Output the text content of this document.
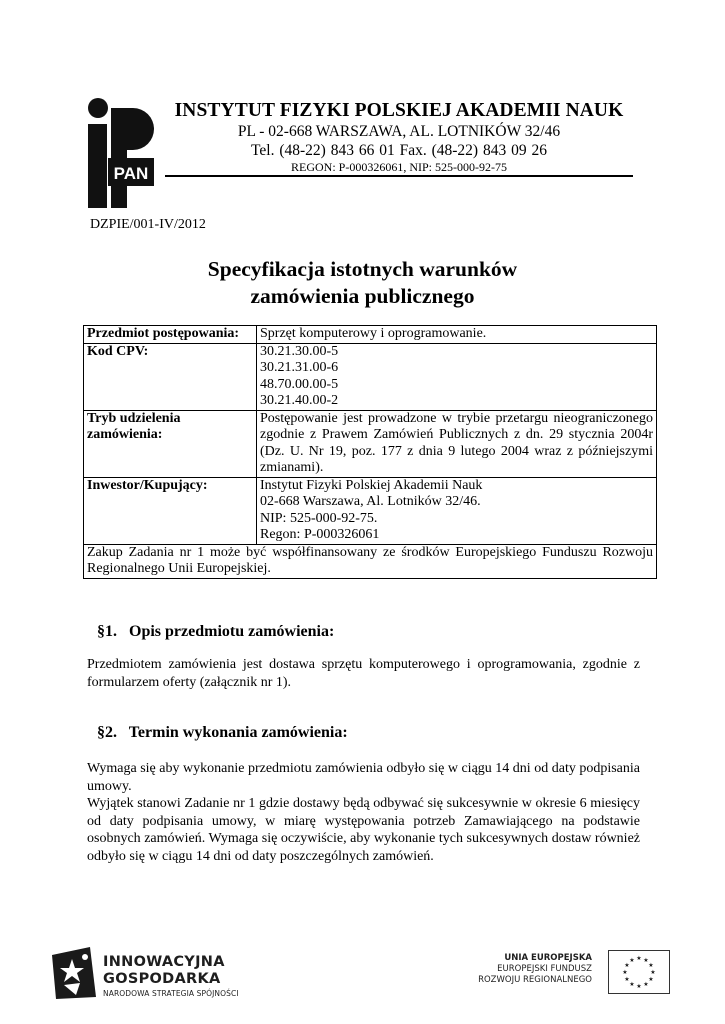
PAN
INSTYTUT FIZYKI POLSKIEJ AKADEMII NAUK
PL - 02-668 WARSZAWA, AL. LOTNIKÓW 32/46
Tel. (48-22) 843 66 01 Fax. (48-22) 843 09 26
REGON: P-000326061, NIP: 525-000-92-75
DZPIE/001-IV/2012
Specyfikacja istotnych warunków
zamówienia publicznego
Przedmiot postępowania:	Sprzęt komputerowy i oprogramowanie.

Kod CPV:	30.21.30.00-5
30.21.31.00-6
48.70.00.00-5
30.21.40.00-2

Tryb udzielenia zamówienia:	Postępowanie jest prowadzone w trybie przetargu nieograniczonego zgodnie z Prawem Zamówień Publicznych z dn. 29 stycznia 2004r (Dz. U. Nr 19, poz. 177 z dnia 9 lutego 2004 wraz z późniejszymi zmianami).

Inwestor/Kupujący:	Instytut Fizyki Polskiej Akademii Nauk
02-668 Warszawa, Al. Lotników 32/46.
NIP: 525-000-92-75.
Regon: P-000326061

Zakup Zadania nr 1 może być współfinansowany ze środków Europejskiego Funduszu Rozwoju Regionalnego Unii Europejskiej.	
§1. Opis przedmiotu zamówienia:

Przedmiotem zamówienia jest dostawa sprzętu komputerowego i oprogramowania, zgodnie z formularzem oferty (załącznik nr 1).

§2. Termin wykonania zamówienia:

Wymaga się aby wykonanie przedmiotu zamówienia odbyło się w ciągu 14 dni od daty podpisania umowy.

Wyjątek stanowi Zadanie nr 1 gdzie dostawy będą odbywać się sukcesywnie w okresie 6 miesięcy od daty podpisania umowy, w miarę występowania potrzeb Zamawiającego na podstawie osobnych zamówień. Wymaga się oczywiście, aby wykonanie tych sukcesywnych dostaw również odbyło się w ciągu 14 dni od daty poszczególnych zamówień.

INNOWACYJNA
GOSPODARKA
NARODOWA STRATEGIA SPÓJNOŚCI
UNIA EUROPEJSKA
EUROPEJSKI FUNDUSZ
ROZWOJU REGIONALNEGO
★ ★
★
★
★
★
★
★
★
★
★
★
